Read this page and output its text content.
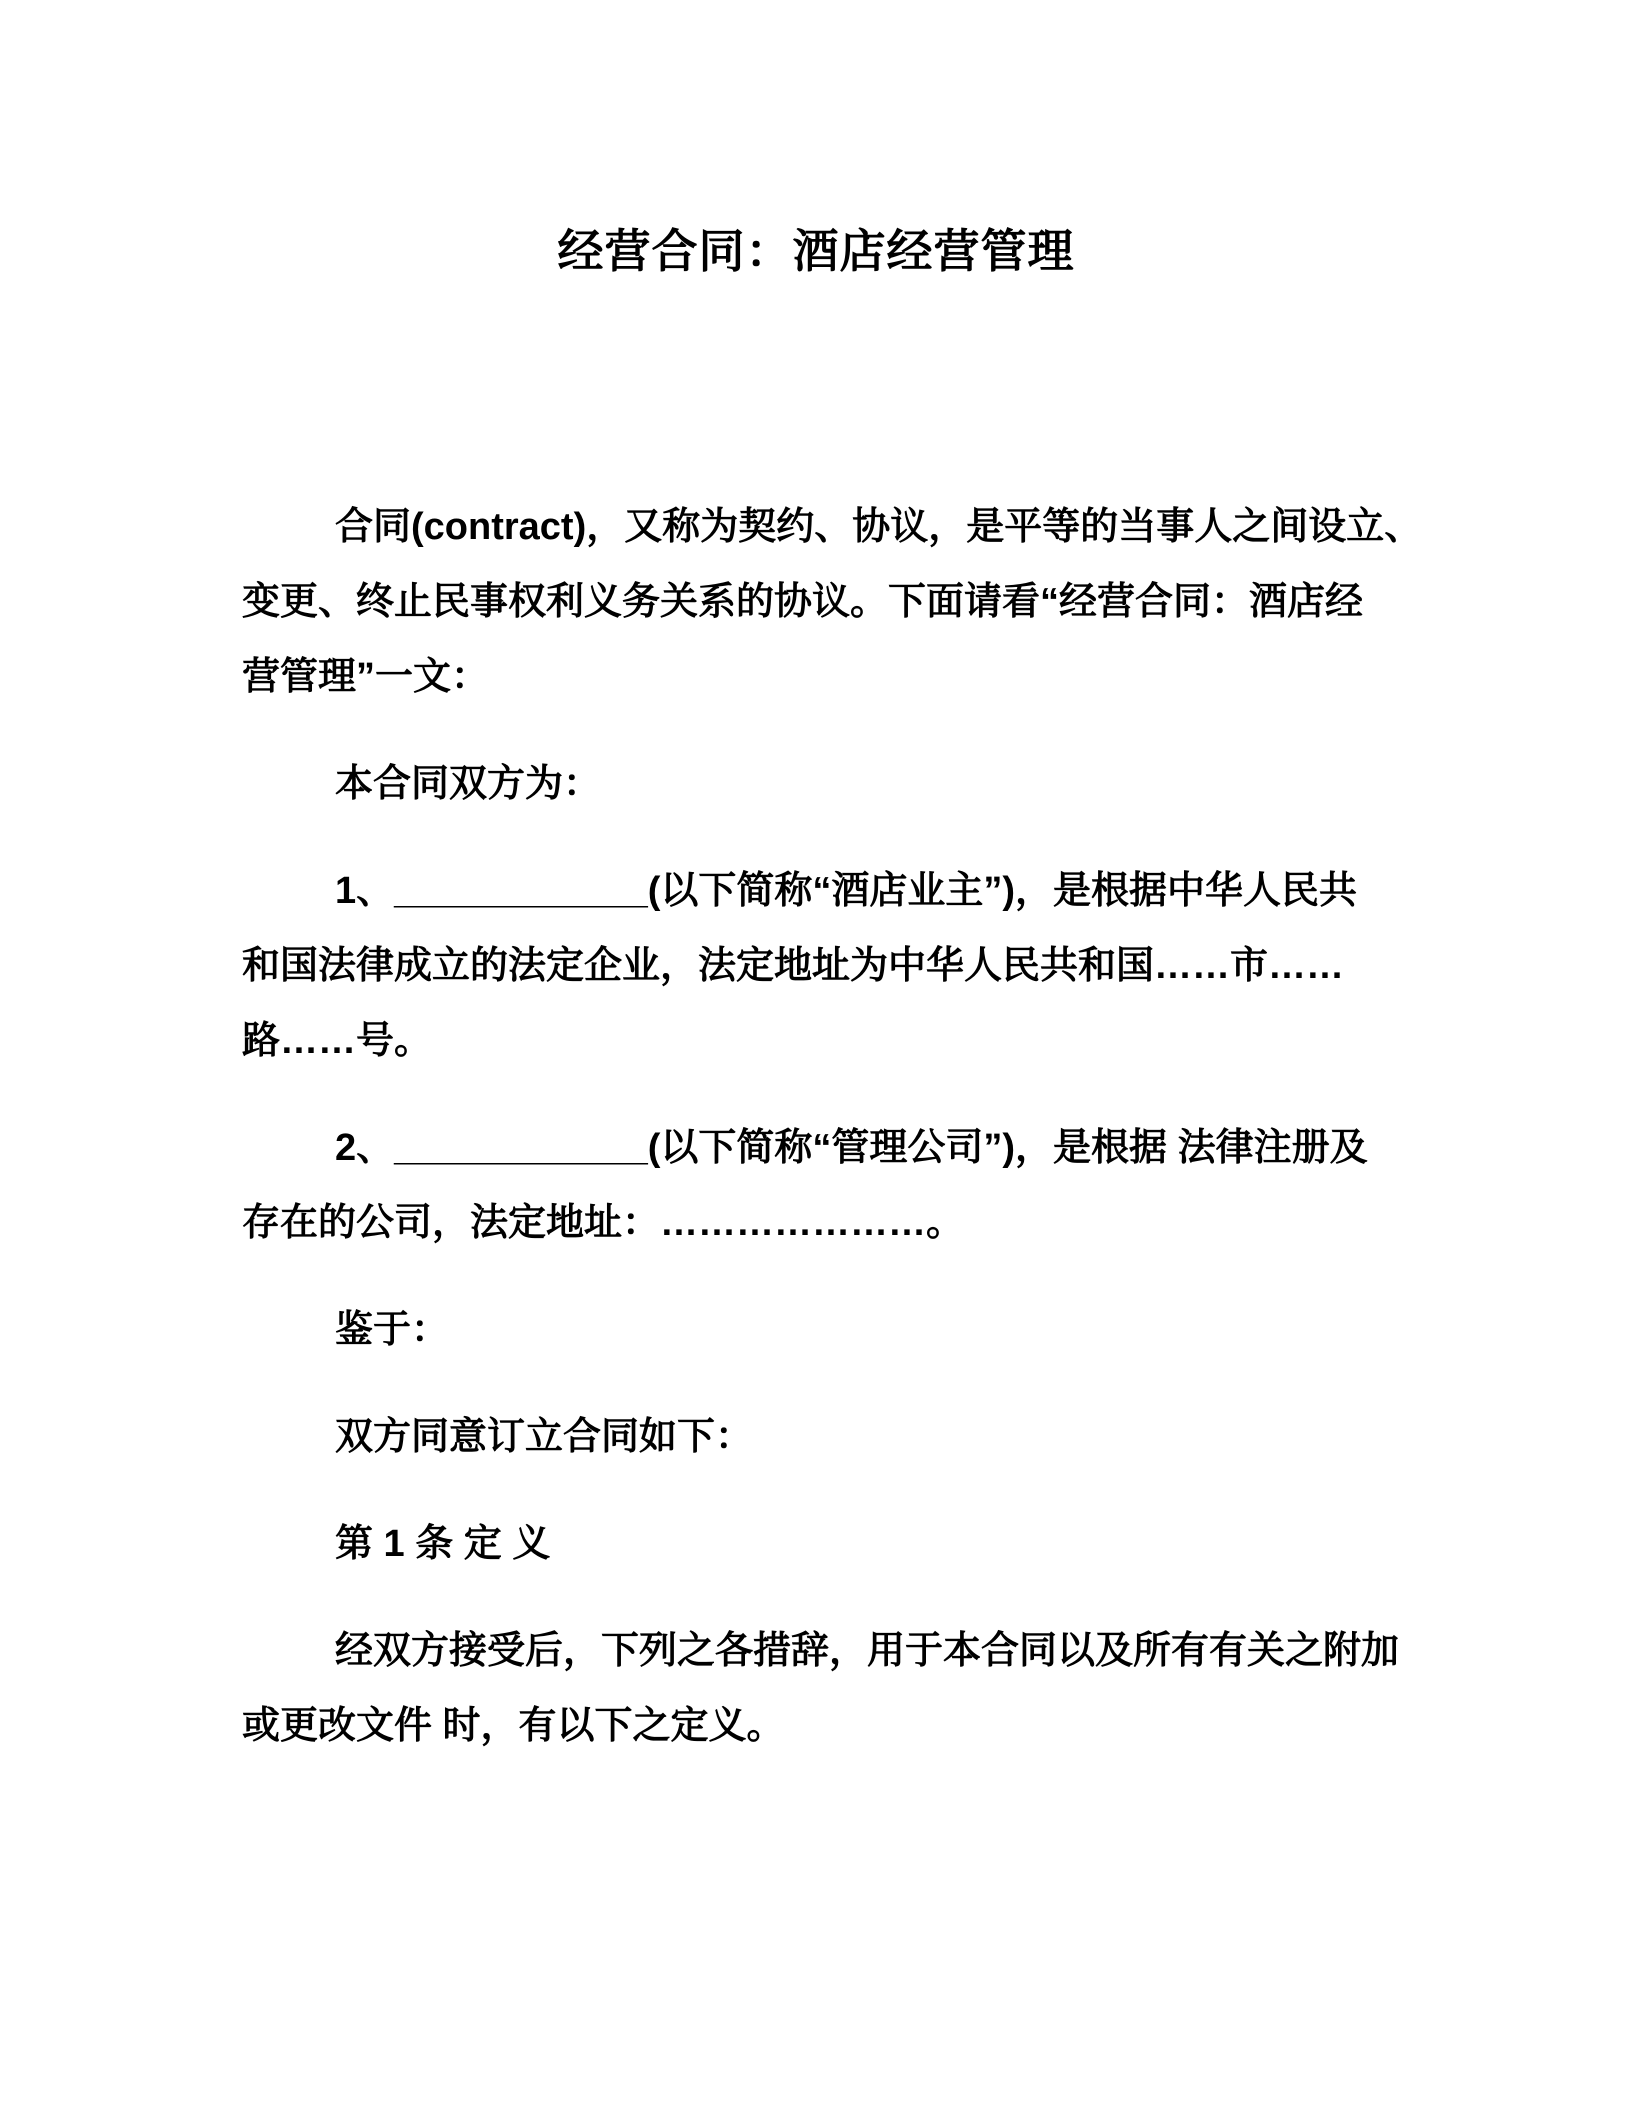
经营合同：酒店经营管理

合同(contract)，又称为契约、协议，是平等的当事人之间设立、
变更、终止民事权利义务关系的协议。下面请看“经营合同：酒店经
营管理”一文：

本合同双方为：

1、____________(以下简称“酒店业主”)，是根据中华人民共
和国法律成立的法定企业，法定地址为中华人民共和国……市……
路……号。

2、____________(以下简称“管理公司”)，是根据 法律注册及
存在的公司，法定地址：…………………。

鉴于：

双方同意订立合同如下：

第 1 条 定 义

经双方接受后，下列之各措辞，用于本合同以及所有有关之附加
或更改文件 时，有以下之定义。
